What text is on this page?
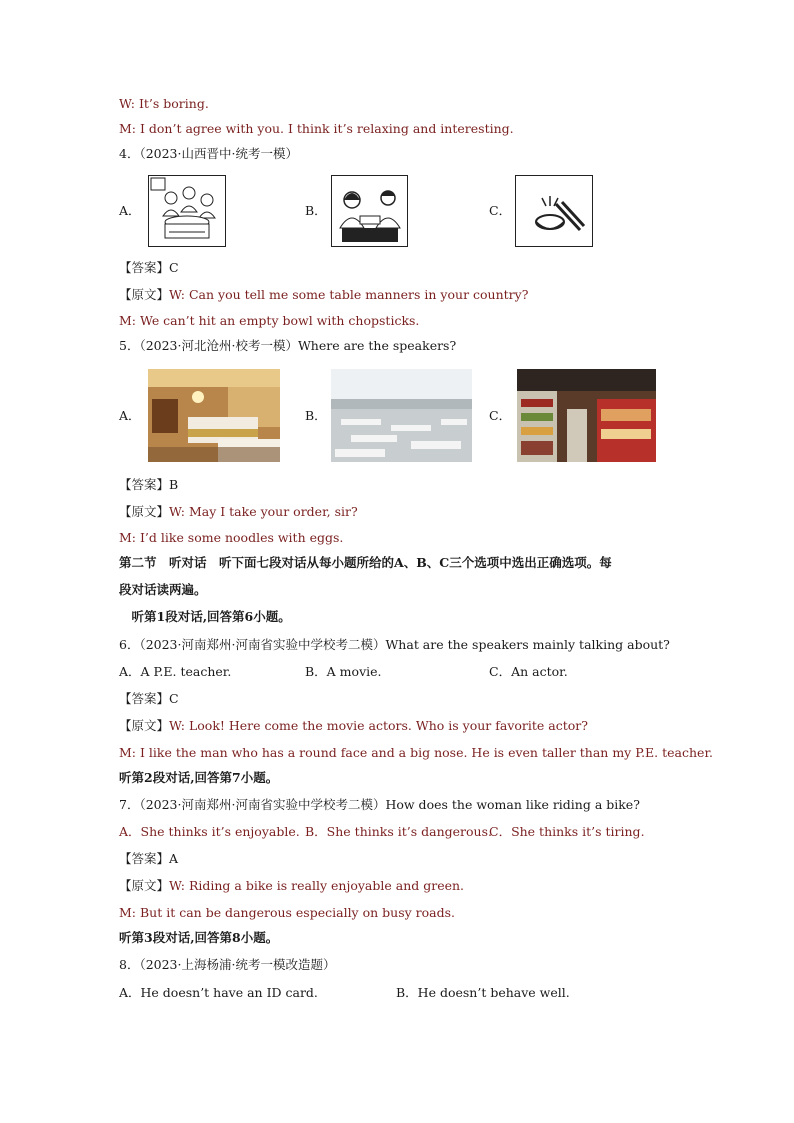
W: It’s boring.
M: I don’t agree with you. I think it’s relaxing and interesting.
4．（2023·山西晋中·统考一模）
A．	B．	C．
【答案】C
【原文】W: Can you tell me some table manners in your country?
M: We can’t hit an empty bowl with chopsticks.
5．（2023·河北沧州·校考一模）Where are the speakers?
A．	B．	C．
【答案】B
【原文】W: May I take your order, sir?
M: I’d like some noodles with eggs.
第二节　听对话　听下面七段对话从每小题所给的A、B、C三个选项中选出正确选项。每
段对话读两遍。
　听第1段对话,回答第6小题。
6．（2023·河南郑州·河南省实验中学校考二模）What are the speakers mainly talking about?
A．A P.E. teacher.	B．A movie.	C．An actor.
【答案】C
【原文】W: Look! Here come the movie actors. Who is your favorite actor?
M: I like the man who has a round face and a big nose. He is even taller than my P.E. teacher.
听第2段对话,回答第7小题。
7．（2023·河南郑州·河南省实验中学校考二模）How does the woman like riding a bike?
A．She thinks it’s enjoyable. B．She thinks it’s dangerous.
C．She thinks it’s tiring.
【答案】A
【原文】W: Riding a bike is really enjoyable and green.
M: But it can be dangerous especially on busy roads.
听第3段对话,回答第8小题。
8．（2023·上海杨浦·统考一模改造题）
A．He doesn’t have an ID card.	B．He doesn’t behave well.
